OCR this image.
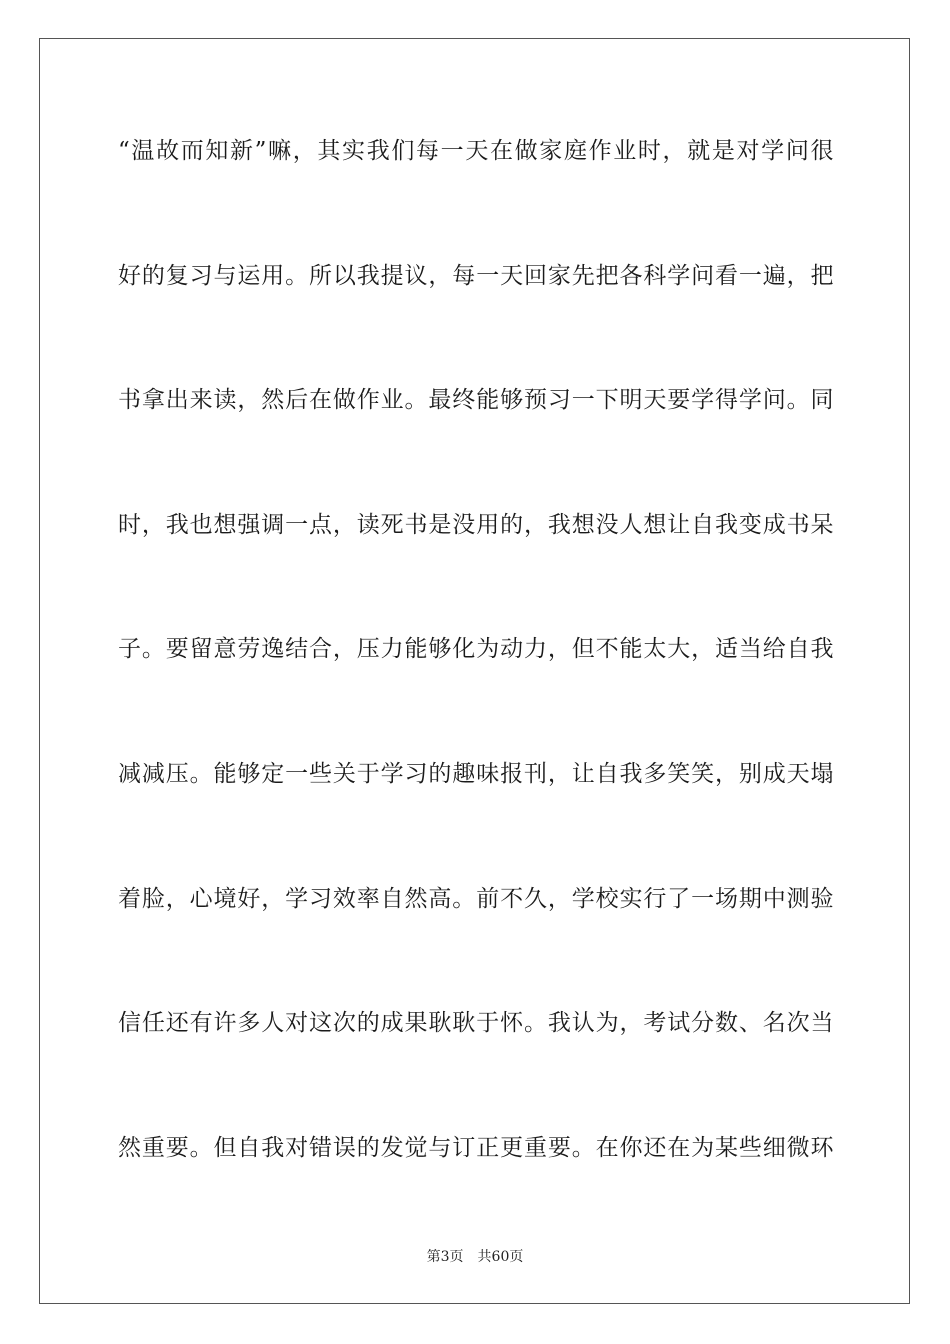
“温故而知新”嘛，其实我们每一天在做家庭作业时，就是对学问很
好的复习与运用。所以我提议，每一天回家先把各科学问看一遍，把
书拿出来读，然后在做作业。最终能够预习一下明天要学得学问。同
时，我也想强调一点，读死书是没用的，我想没人想让自我变成书呆
子。要留意劳逸结合，压力能够化为动力，但不能太大，适当给自我
减减压。能够定一些关于学习的趣味报刊，让自我多笑笑，别成天塌
着脸，心境好，学习效率自然高。前不久，学校实行了一场期中测验
信任还有许多人对这次的成果耿耿于怀。我认为，考试分数、名次当
然重要。但自我对错误的发觉与订正更重要。在你还在为某些细微环
第3页 共60页
